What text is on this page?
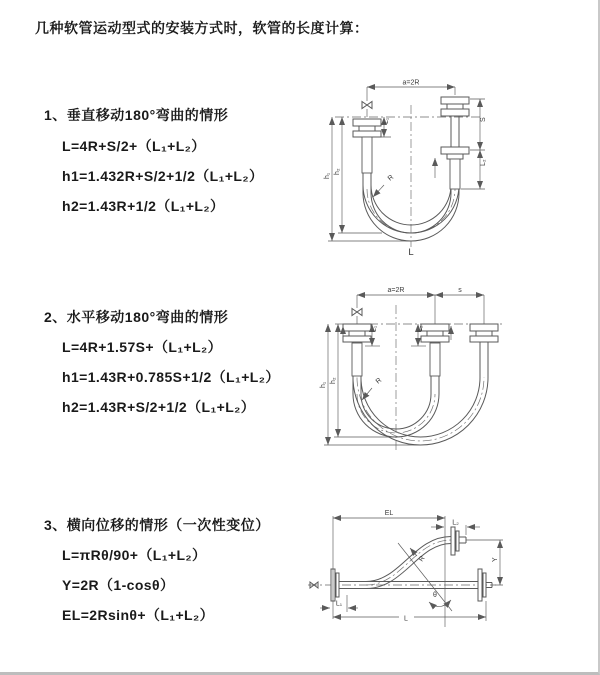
几种软管运动型式的安装方式时，软管的长度计算：
1、垂直移动180°弯曲的情形
L=4R+S/2+（L₁+L₂）
h1=1.432R+S/2+1/2（L₁+L₂）
h2=1.43R+1/2（L₁+L₂）
2、水平移动180°弯曲的情形
L=4R+1.57S+（L₁+L₂）
h1=1.43R+0.785S+1/2（L₁+L₂）
h2=1.43R+S/2+1/2（L₁+L₂）
3、横向位移的情形（一次性变位）
L=πRθ/90+（L₁+L₂）
Y=2R（1-cosθ）
EL=2Rsinθ+（L₁+L₂）
a=2R
h₁
h₂
L₁	S
L₂
R
L
a=2R	s
h₁
h₂
L₁	L₂
R
EL
L₂
Y
R
θ
L
L₁
